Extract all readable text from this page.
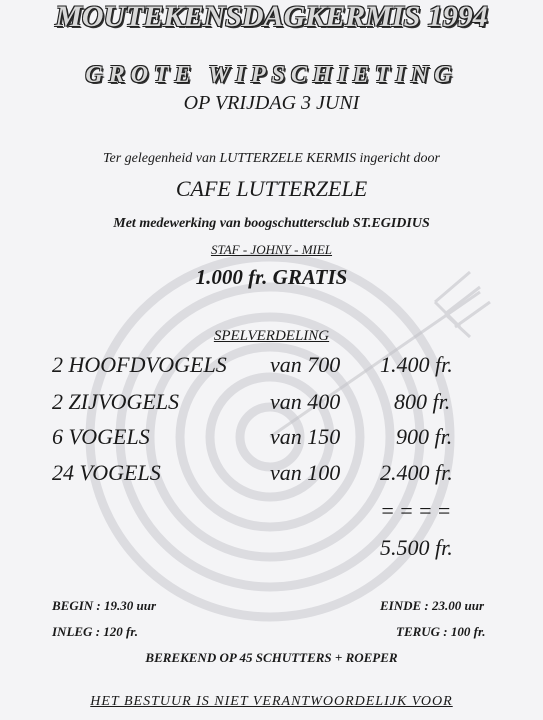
MOUTEKENSDAGKERMIS 1994
GROTE WIPSCHIETING
OP VRIJDAG 3 JUNI
Ter gelegenheid van LUTTERZELE KERMIS ingericht door
CAFE LUTTERZELE
Met medewerking van boogschuttersclub ST.EGIDIUS
STAF - JOHNY - MIEL
1.000 fr. GRATIS
SPELVERDELING
2 HOOFDVOGELS van 700 1.400 fr.
2 ZIJVOGELS	van 400 800 fr.
6 VOGELS	van 150	900 fr.
24 VOGELS	van 100 2.400 fr.
====
5.500 fr.
BEGIN : 19.30 uur	EINDE : 23.00 uur
INLEG : 120 fr.	TERUG : 100 fr.
BEREKEND OP 45 SCHUTTERS + ROEPER
HET BESTUUR IS NIET VERANTWOORDELIJK VOOR
